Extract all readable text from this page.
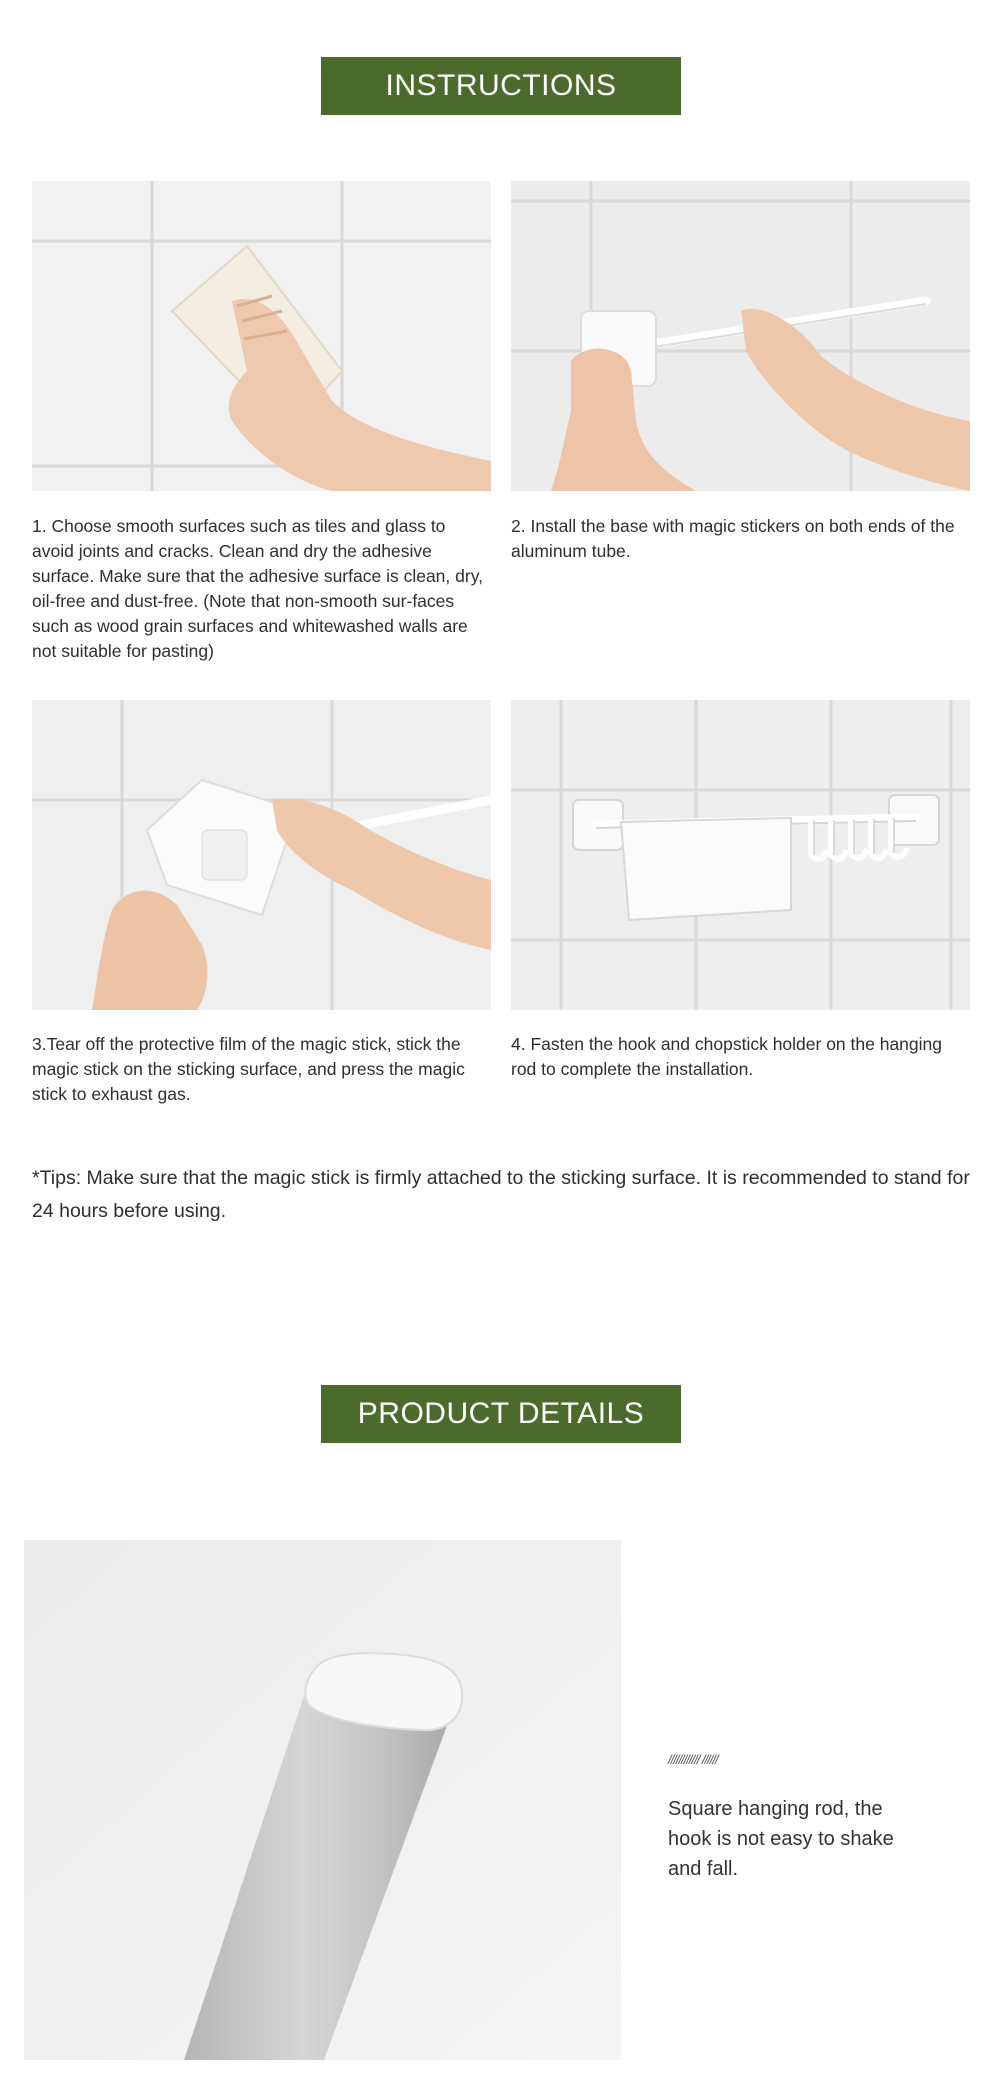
INSTRUCTIONS
1. Choose smooth surfaces such as tiles and glass to avoid joints and cracks. Clean and dry the adhesive surface. Make sure that the adhesive surface is clean, dry, oil-free and dust-free. (Note that non-smooth sur-faces such as wood grain surfaces and whitewashed walls are not suitable for pasting)
2. Install the base with magic stickers on both ends of the aluminum tube.
3.Tear off the protective film of the magic stick, stick the magic stick on the sticking surface, and press the magic stick to exhaust gas.
4. Fasten the hook and chopstick holder on the hanging rod to complete the installation.
*Tips: Make sure that the magic stick is firmly attached to the sticking surface. It is recommended to stand for 24 hours before using.
PRODUCT DETAILS
//////////// //////
Square hanging rod, the hook is not easy to shake and fall.
